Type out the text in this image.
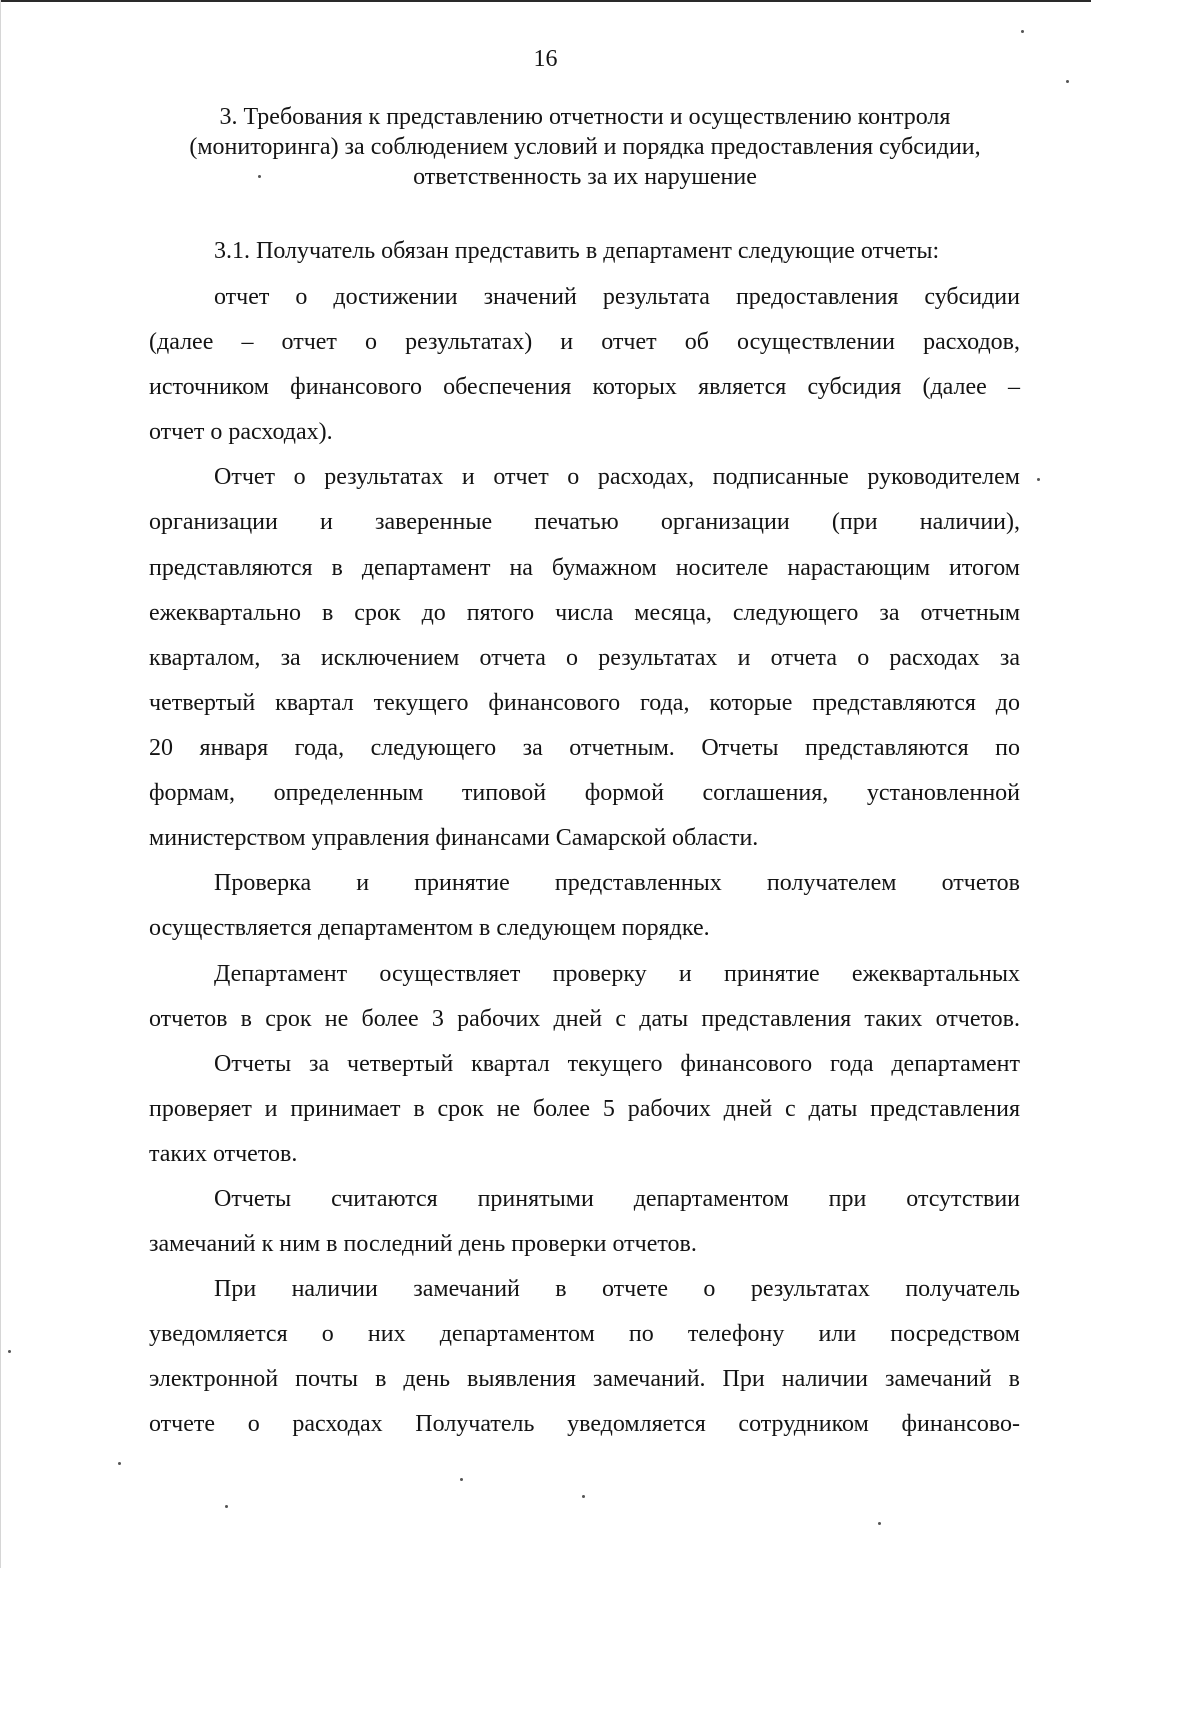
16
3. Требования к представлению отчетности и осуществлению контроля
(мониторинга) за соблюдением условий и порядка предоставления субсидии,
ответственность за их нарушение
3.1. Получатель обязан представить в департамент следующие отчеты:
отчет о достижении значений результата предоставления субсидии
(далее – отчет о результатах) и отчет об осуществлении расходов,
источником финансового обеспечения которых является субсидия (далее –
отчет о расходах).
Отчет о результатах и отчет о расходах, подписанные руководителем
организации и заверенные печатью организации (при наличии),
представляются в департамент на бумажном носителе нарастающим итогом
ежеквартально в срок до пятого числа месяца, следующего за отчетным
кварталом, за исключением отчета о результатах и отчета о расходах за
четвертый квартал текущего финансового года, которые представляются до
20 января года, следующего за отчетным. Отчеты представляются по
формам, определенным типовой формой соглашения, установленной
министерством управления финансами Самарской области.
Проверка и принятие представленных получателем отчетов
осуществляется департаментом в следующем порядке.
Департамент осуществляет проверку и принятие ежеквартальных
отчетов в срок не более 3 рабочих дней с даты представления таких отчетов.
Отчеты за четвертый квартал текущего финансового года департамент
проверяет и принимает в срок не более 5 рабочих дней с даты представления
таких отчетов.
Отчеты считаются принятыми департаментом при отсутствии
замечаний к ним в последний день проверки отчетов.
При наличии замечаний в отчете о результатах получатель
уведомляется о них департаментом по телефону или посредством
электронной почты в день выявления замечаний. При наличии замечаний в
отчете о расходах Получатель уведомляется сотрудником финансово-
